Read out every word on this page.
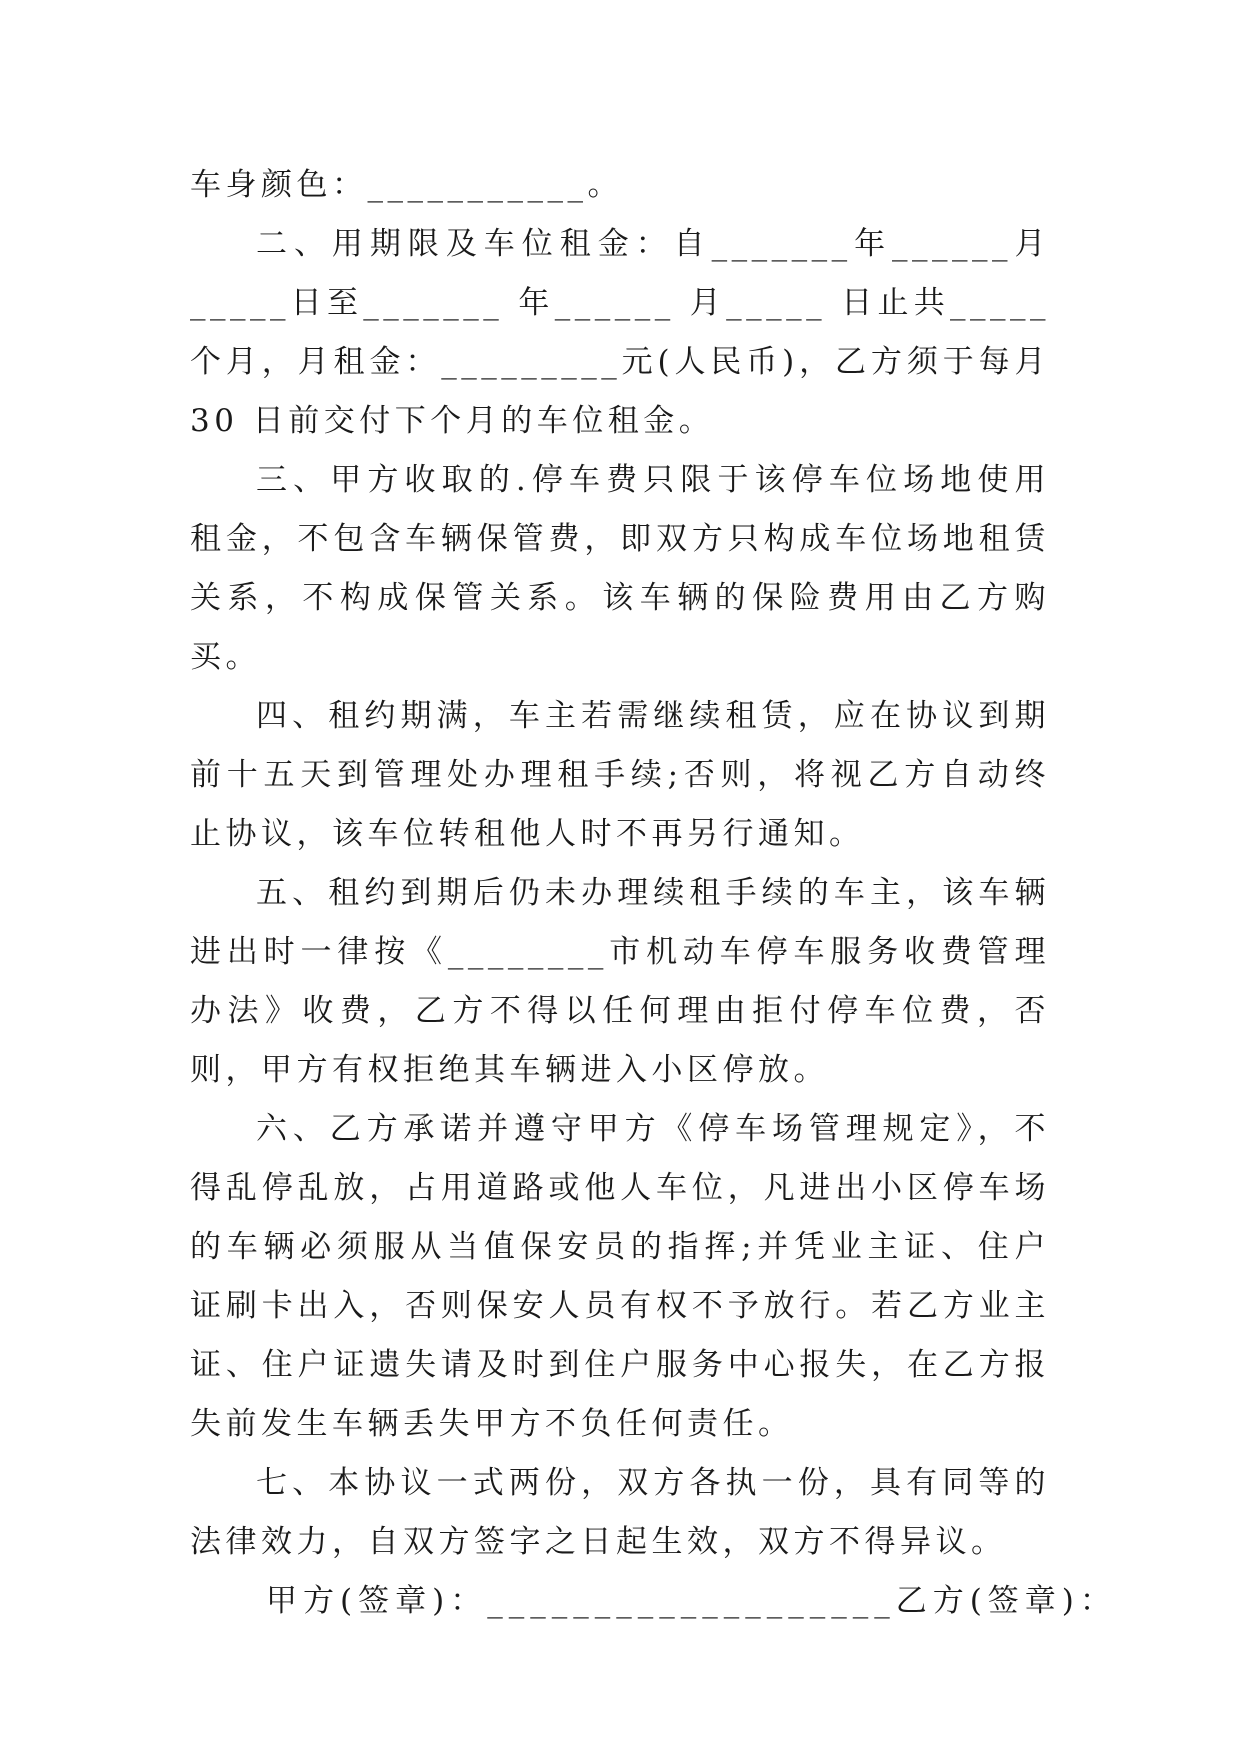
车身颜色：___________。

二、用期限及车位租金：自_______年______月_____日至_______ 年______ 月_____ 日止共_____ 个月，月租金：_________元(人民币)，乙方须于每月 30 日前交付下个月的车位租金。

三、甲方收取的.停车费只限于该停车位场地使用租金，不包含车辆保管费，即双方只构成车位场地租赁关系，不构成保管关系。该车辆的保险费用由乙方购买。

四、租约期满，车主若需继续租赁，应在协议到期前十五天到管理处办理租手续;否则，将视乙方自动终止协议，该车位转租他人时不再另行通知。

五、租约到期后仍未办理续租手续的车主，该车辆进出时一律按《________市机动车停车服务收费管理办法》收费，乙方不得以任何理由拒付停车位费，否则，甲方有权拒绝其车辆进入小区停放。

六、乙方承诺并遵守甲方《停车场管理规定》，不得乱停乱放，占用道路或他人车位，凡进出小区停车场的车辆必须服从当值保安员的指挥;并凭业主证、住户证刷卡出入，否则保安人员有权不予放行。若乙方业主证、住户证遗失请及时到住户服务中心报失，在乙方报失前发生车辆丢失甲方不负任何责任。

七、本协议一式两份，双方各执一份，具有同等的法律效力，自双方签字之日起生效，双方不得异议。

甲方(签章)：___________________乙方(签章)：
